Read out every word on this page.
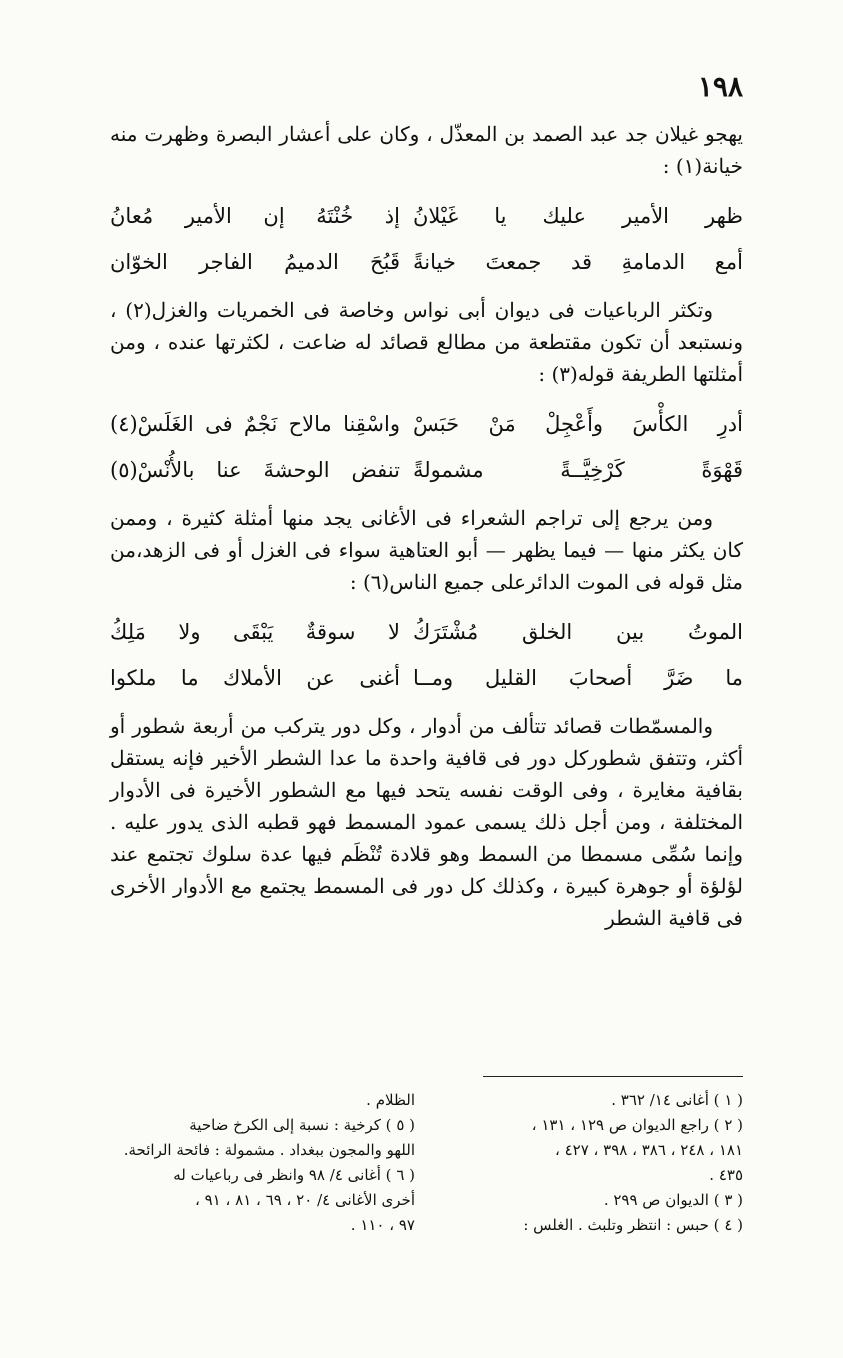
١٩٨

يهجو غيلان جد عبد الصمد بن المعذّل ، وكان على أعشار البصرة وظهرت منه خيانة(١) :

ظهر الأمير عليك يا غَيْلانُ
إذ خُنْتَهُ إن الأمير مُعانُ
أمع الدمامةِ قد جمعتَ خيانةً
قَبُحَ الدميمُ الفاجر الخوّان

وتكثر الرباعيات فى ديوان أبى نواس وخاصة فى الخمريات والغزل(٢) ، ونستبعد أن تكون مقتطعة من مطالع قصائد له ضاعت ، لكثرتها عنده ، ومن أمثلتها الطريفة قوله(٣) :

أدرِ الكأْسَ وأَعْجِلْ مَنْ حَبَسْ
واسْقِنا مالاح نَجْمٌ فى الغَلَسْ(٤)
قَهْوَةً كَرْخِيَّــةً مشمولةً
تنفض الوحشةَ عنا بالأُنْسْ(٥)

ومن يرجع إلى تراجم الشعراء فى الأغانى يجد منها أمثلة كثيرة ، وممن كان يكثر منها — فيما يظهر — أبو العتاهية سواء فى الغزل أو فى الزهد،من مثل قوله فى الموت الدائرعلى جميع الناس(٦) :

الموتُ بين الخلق مُشْتَرَكُ
لا سوقةٌ يَبْقَى ولا مَلِكُ
ما ضَرَّ أصحابَ القليل ومــا
أغنى عن الأملاك ما ملكوا

والمسمّطات قصائد تتألف من أدوار ، وكل دور يتركب من أربعة شطور أو أكثر، وتتفق شطوركل دور فى قافية واحدة ما عدا الشطر الأخير فإنه يستقل بقافية مغايرة ، وفى الوقت نفسه يتحد فيها مع الشطور الأخيرة فى الأدوار المختلفة ، ومن أجل ذلك يسمى عمود المسمط فهو قطبه الذى يدور عليه . وإنما سُمِّى مسمطا من السمط وهو قلادة تُنْظَم فيها عدة سلوك تجتمع عند لؤلؤة أو جوهرة كبيرة ، وكذلك كل دور فى المسمط يجتمع مع الأدوار الأخرى فى قافية الشطر

( ١ ) أغانى ١٤/ ٣٦٢ .
( ٢ ) راجع الديوان ص ١٢٩ ، ١٣١ ،
١٨١ ، ٢٤٨ ، ٣٨٦ ، ٣٩٨ ، ٤٢٧ ،
٤٣٥ .
( ٣ ) الديوان ص ٢٩٩ .
( ٤ ) حبس : انتظر وتلبث . الغلس :
الظلام .
( ٥ ) كرخية : نسبة إلى الكرخ ضاحية
اللهو والمجون ببغداد . مشمولة : فائحة الرائحة.
( ٦ ) أغانى ٤/ ٩٨ وانظر فى رباعيات له
أخرى الأغانى ٤/ ٢٠ ، ٦٩ ، ٨١ ، ٩١ ،
٩٧ ، ١١٠ .
